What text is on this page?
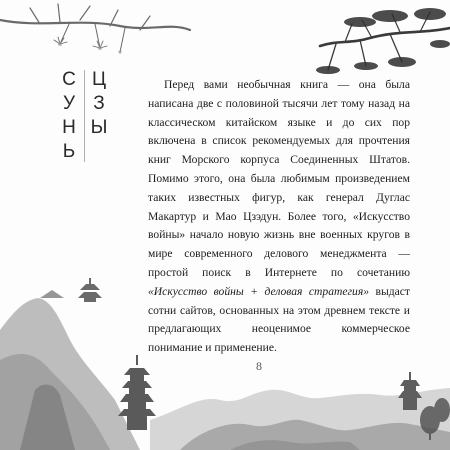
С
У
Н
Ь
Ц
З
Ы

Перед вами необычная книга — она была написана две с половиной тысячи лет тому назад на классическом китайском языке и до сих пор включена в список рекомендуемых для прочтения книг Морского корпуса Соединенных Штатов. Помимо этого, она была любимым произведением таких известных фигур, как генерал Дуглас Макартур и Мао Цзэдун. Более того, «Искусство войны» начало новую жизнь вне военных кругов в мире современного делового менеджмента — простой поиск в Интернете по сочетанию «Искусство войны + деловая стратегия» выдаст сотни сайтов, основанных на этом древнем тексте и предлагающих неоценимое коммерческое понимание и применение.

8
